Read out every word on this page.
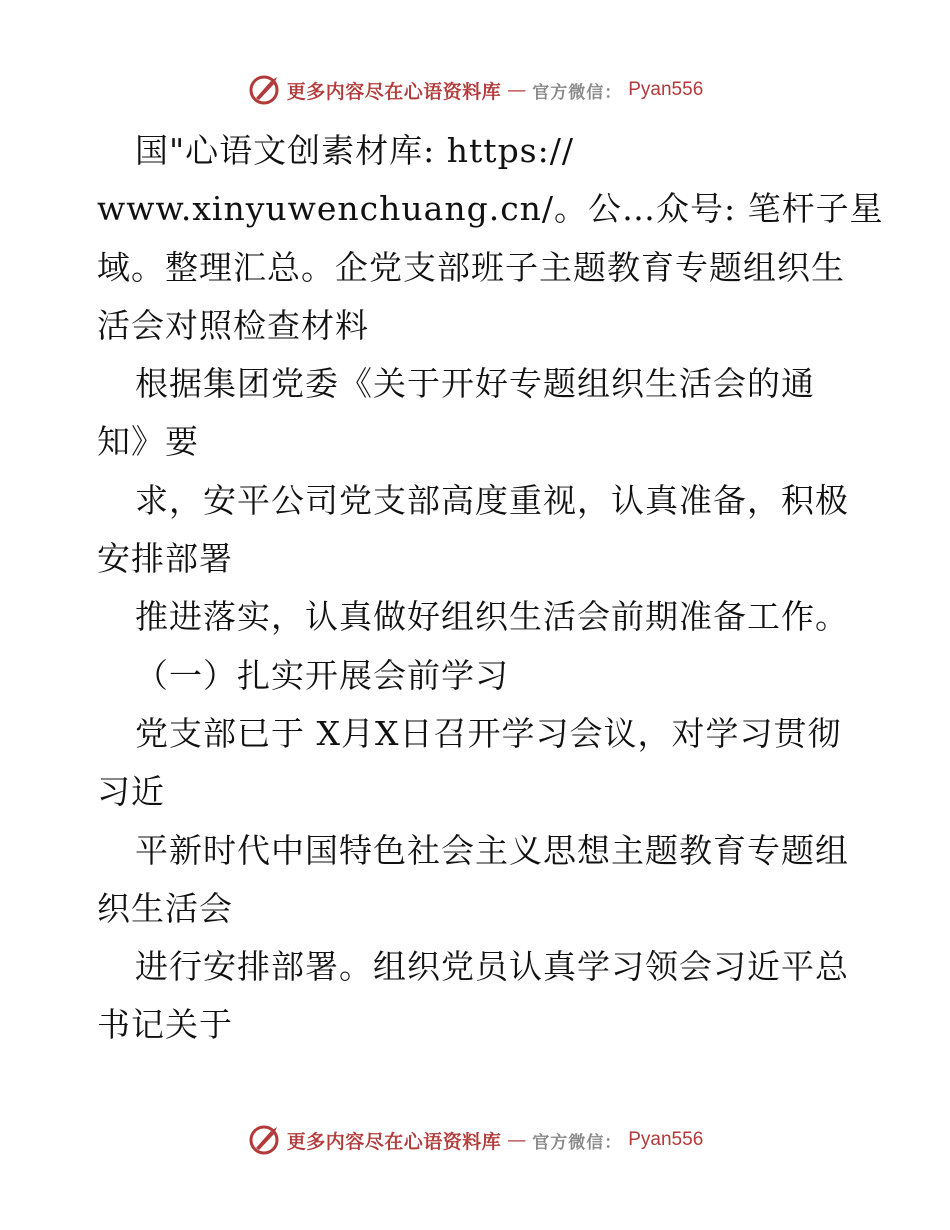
更多内容尽在心语资料库 — 官方微信： Pyan556
国"心语文创素材库: https://
www.xinyuwenchuang.cn/。公…众号: 笔杆子星
域。整理汇总。企党支部班子主题教育专题组织生
活会对照检查材料
根据集团党委《关于开好专题组织生活会的通
知》要
求，安平公司党支部高度重视，认真准备，积极
安排部署
推进落实，认真做好组织生活会前期准备工作。
（一）扎实开展会前学习
党支部已于 X月X日召开学习会议，对学习贯彻
习近
平新时代中国特色社会主义思想主题教育专题组
织生活会
进行安排部署。组织党员认真学习领会习近平总
书记关于
更多内容尽在心语资料库 — 官方微信： Pyan556
